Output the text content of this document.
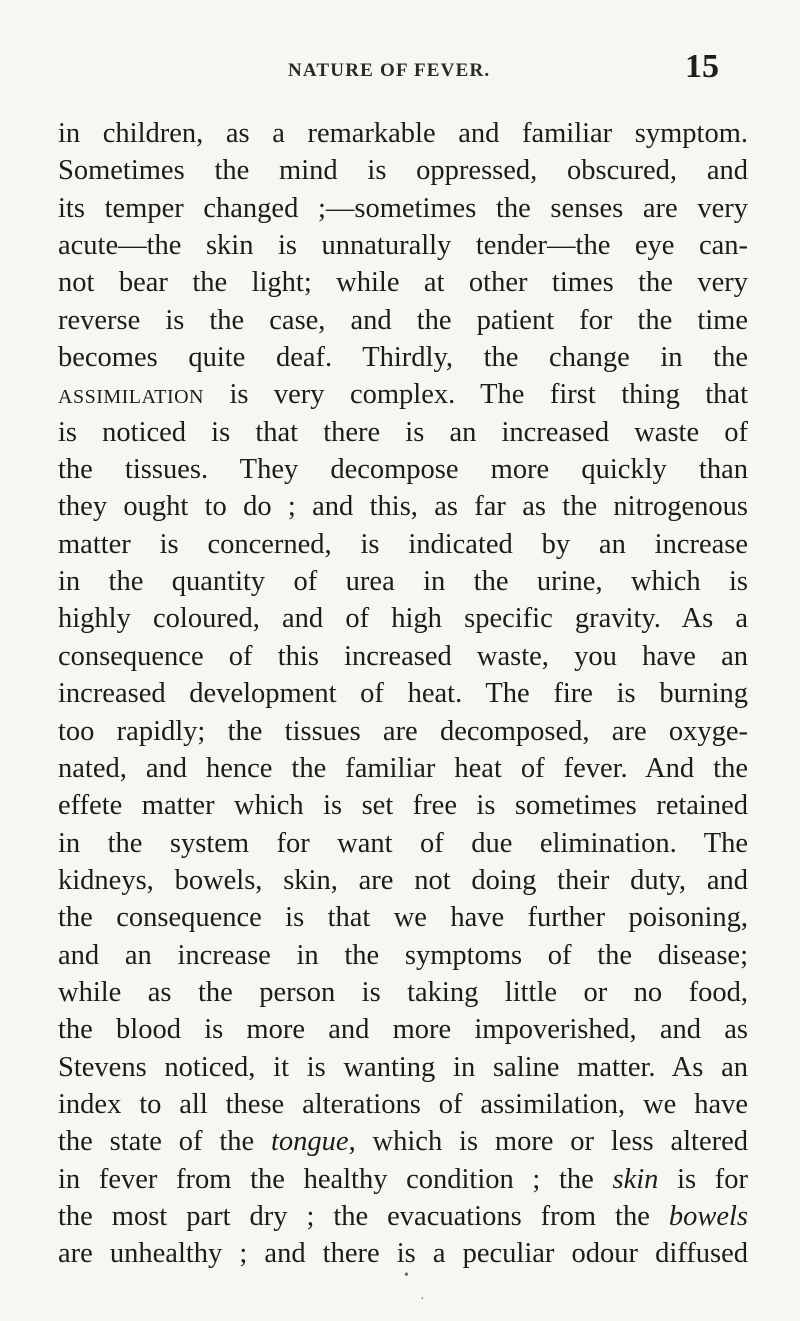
NATURE OF FEVER.	15
in children, as a remarkable and familiar symptom.
Sometimes the mind is oppressed, obscured, and
its temper changed ;—sometimes the senses are very
acute—the skin is unnaturally tender—the eye can-
not bear the light; while at other times the very
reverse is the case, and the patient for the time
becomes quite deaf. Thirdly, the change in the
assimilation is very complex. The first thing that
is noticed is that there is an increased waste of
the tissues. They decompose more quickly than
they ought to do ; and this, as far as the nitrogenous
matter is concerned, is indicated by an increase
in the quantity of urea in the urine, which is
highly coloured, and of high specific gravity. As a
consequence of this increased waste, you have an
increased development of heat. The fire is burning
too rapidly; the tissues are decomposed, are oxyge-
nated, and hence the familiar heat of fever. And the
effete matter which is set free is sometimes retained
in the system for want of due elimination. The
kidneys, bowels, skin, are not doing their duty, and
the consequence is that we have further poisoning,
and an increase in the symptoms of the disease;
while as the person is taking little or no food,
the blood is more and more impoverished, and as
Stevens noticed, it is wanting in saline matter. As an
index to all these alterations of assimilation, we have
the state of the tongue, which is more or less altered
in fever from the healthy condition ; the skin is for
the most part dry ; the evacuations from the bowels
are unhealthy ; and there is a peculiar odour diffused
•
·
